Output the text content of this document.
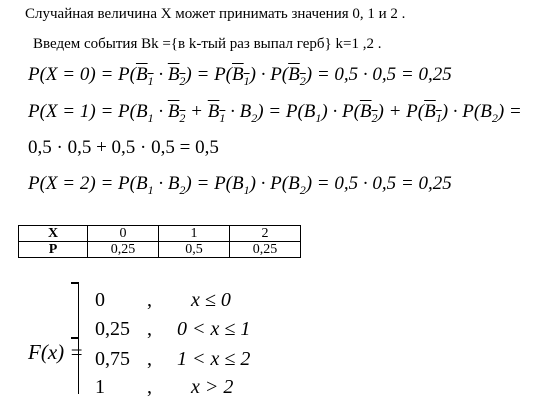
Случайная величина X может принимать значения 0, 1 и 2 .
Введем события Bk ={в k-тый раз выпал герб} k=1 ,2 .
$P(X = 0) = P(B_1 \cdot B_2) = P(B_1) \cdot P(B_2) = 0,5 \cdot 0,5 = 0,25$
$P(X = 1) = P(B_1 \cdot B_2 + B_1 \cdot B_2) = P(B_1) \cdot P(B_2) + P(B_1) \cdot P(B_2)$ =
0,5 · 0,5 + 0,5 · 0,5 = 0,5
$P(X = 2) = P(B_1 \cdot B_2) = P(B_1) \cdot P(B_2) = 0,5 \cdot 0,5 = 0,25$
X	0	1	2
P	0,25	0,5	0,25
F(x) =
0 , x ≤ 0
0,25 , 0 < x ≤ 1
0,75 , 1 < x ≤ 2
1 , x > 2
